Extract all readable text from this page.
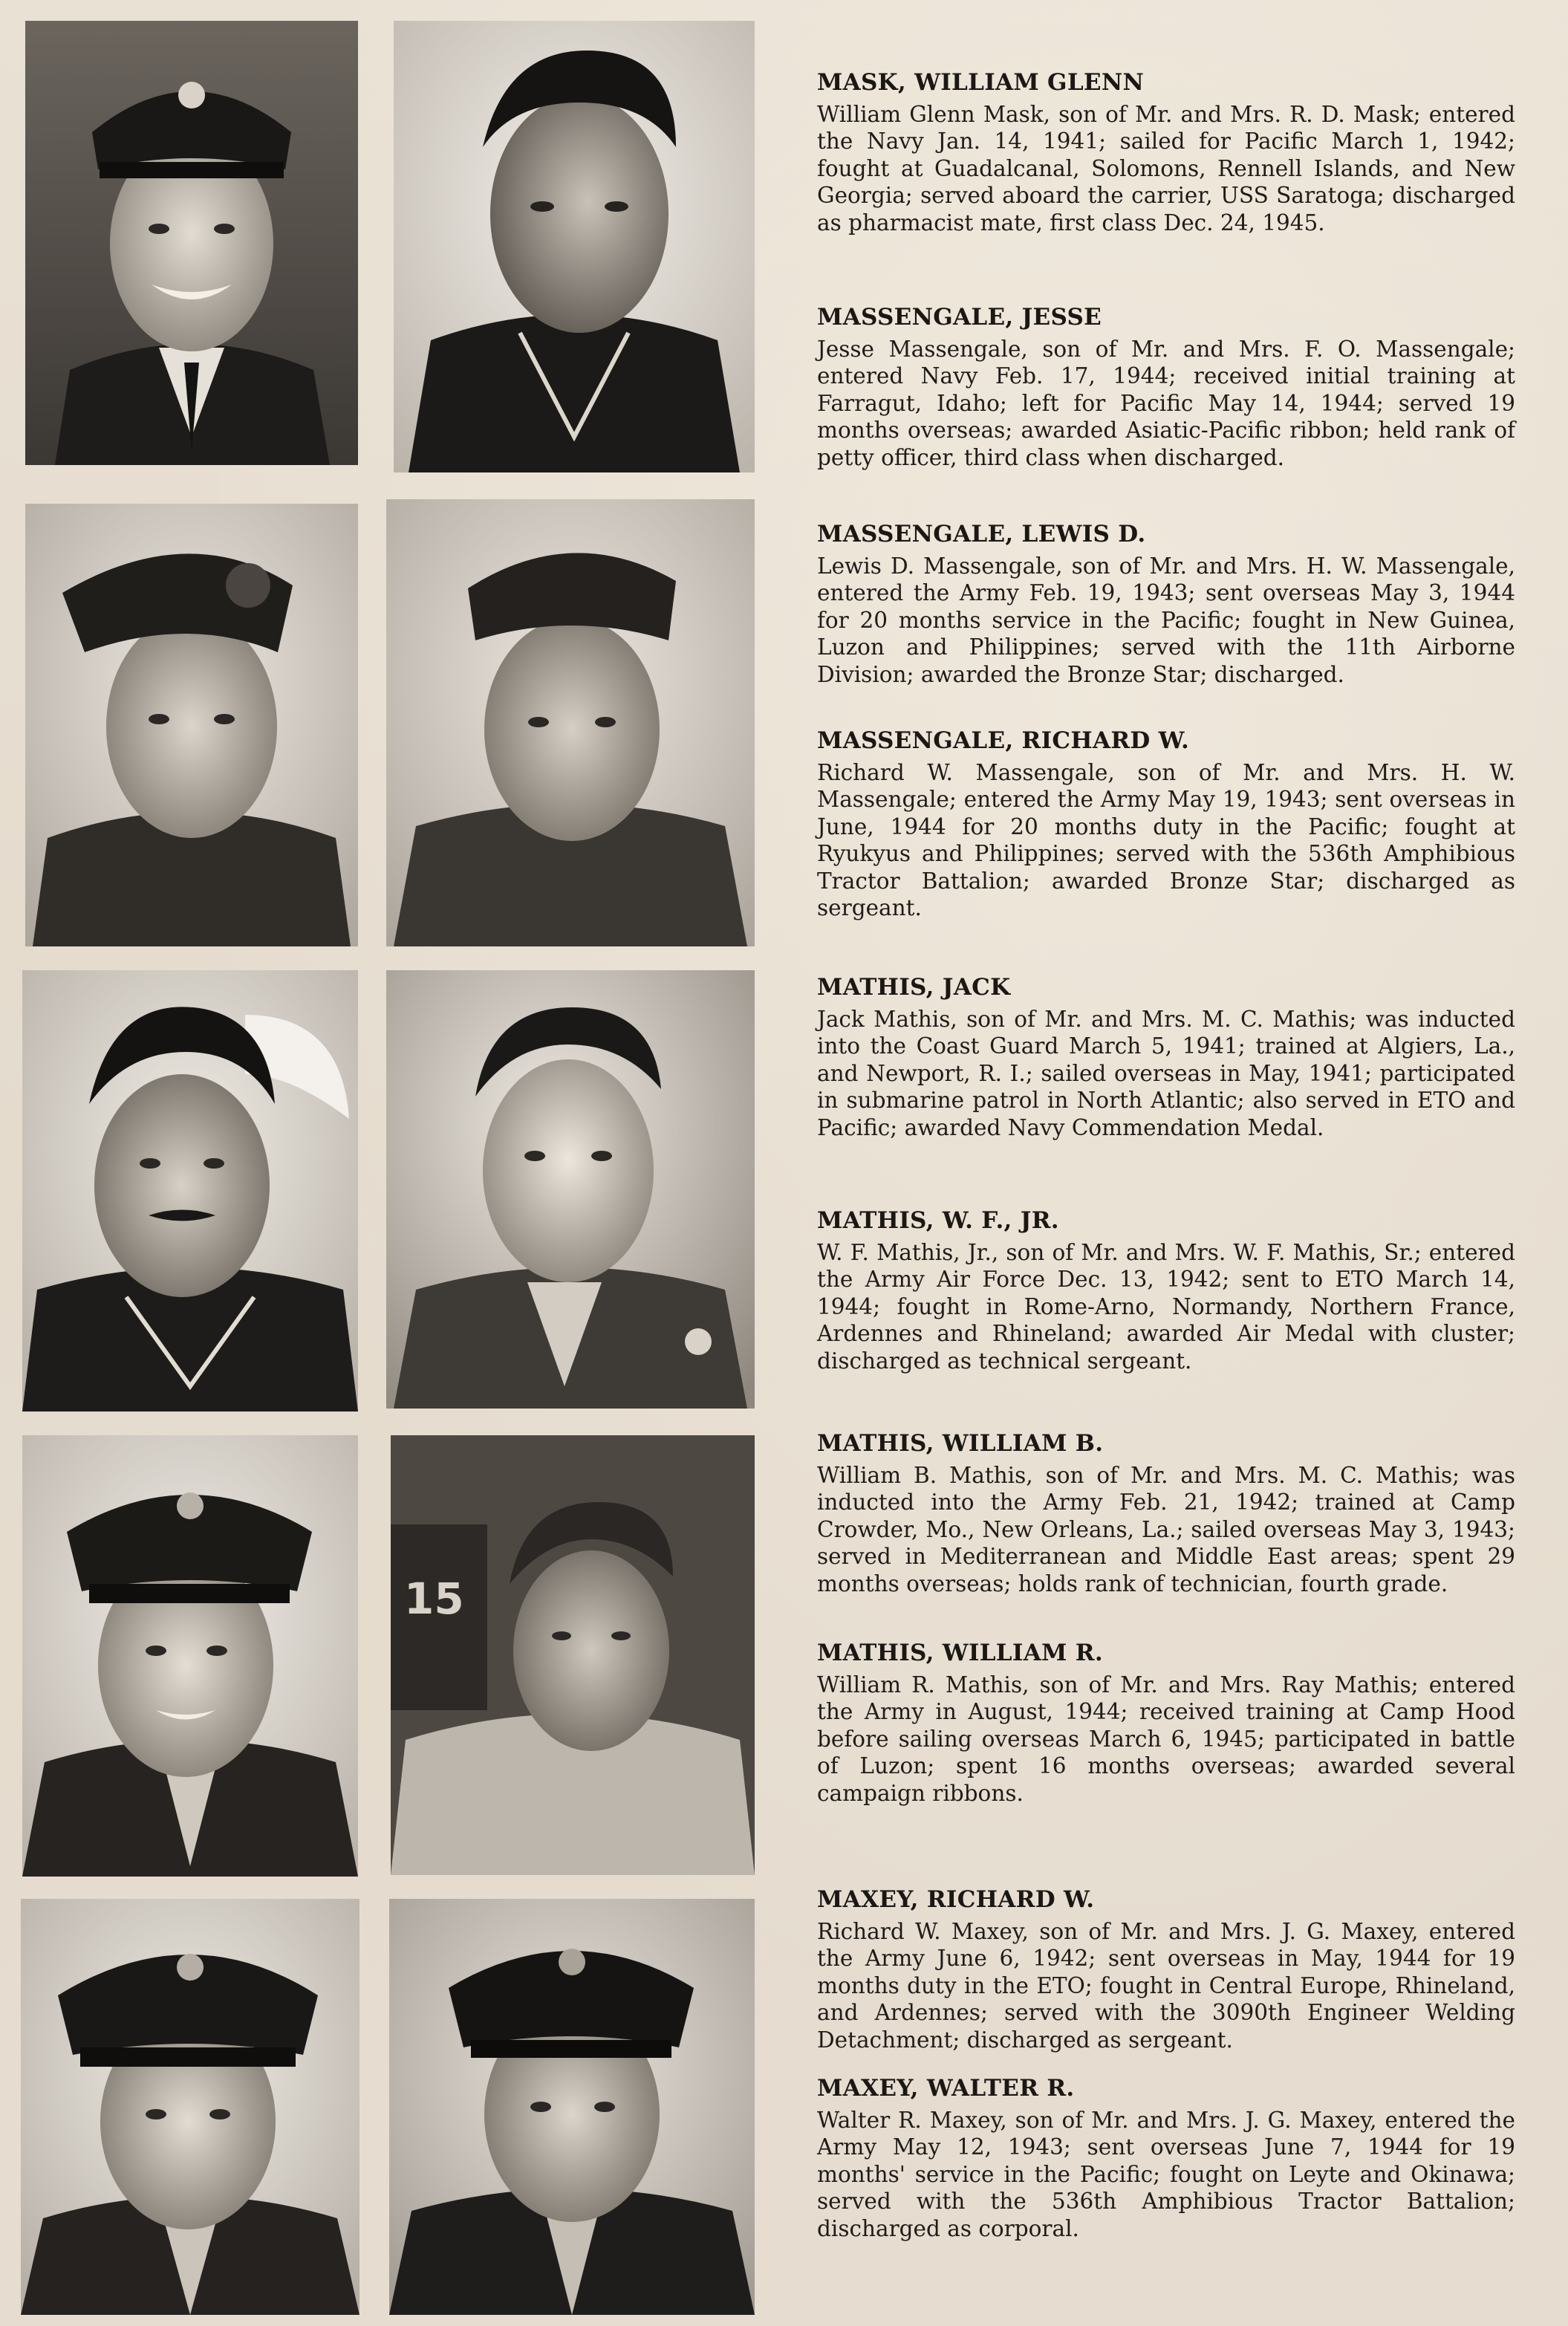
15
MASK, WILLIAM GLENN

William Glenn Mask, son of Mr. and Mrs. R. D. Mask; entered the Navy Jan. 14, 1941; sailed for Pacific March 1, 1942; fought at Guadalcanal, Solomons, Rennell Islands, and New Georgia; served aboard the carrier, USS Saratoga; discharged as pharmacist mate, first class Dec. 24, 1945.

MASSENGALE, JESSE

Jesse Massengale, son of Mr. and Mrs. F. O. Massengale; entered Navy Feb. 17, 1944; received initial training at Farragut, Idaho; left for Pacific May 14, 1944; served 19 months overseas; awarded Asiatic-Pacific ribbon; held rank of petty officer, third class when discharged.

MASSENGALE, LEWIS D.

Lewis D. Massengale, son of Mr. and Mrs. H. W. Massengale, entered the Army Feb. 19, 1943; sent overseas May 3, 1944 for 20 months service in the Pacific; fought in New Guinea, Luzon and Philippines; served with the 11th Airborne Division; awarded the Bronze Star; discharged.

MASSENGALE, RICHARD W.

Richard W. Massengale, son of Mr. and Mrs. H. W. Massengale; entered the Army May 19, 1943; sent overseas in June, 1944 for 20 months duty in the Pacific; fought at Ryukyus and Philippines; served with the 536th Amphibious Tractor Battalion; awarded Bronze Star; discharged as sergeant.

MATHIS, JACK

Jack Mathis, son of Mr. and Mrs. M. C. Mathis; was inducted into the Coast Guard March 5, 1941; trained at Algiers, La., and Newport, R. I.; sailed overseas in May, 1941; participated in submarine patrol in North Atlantic; also served in ETO and Pacific; awarded Navy Commendation Medal.

MATHIS, W. F., JR.

W. F. Mathis, Jr., son of Mr. and Mrs. W. F. Mathis, Sr.; entered the Army Air Force Dec. 13, 1942; sent to ETO March 14, 1944; fought in Rome-Arno, Normandy, Northern France, Ardennes and Rhineland; awarded Air Medal with cluster; discharged as technical sergeant.

MATHIS, WILLIAM B.

William B. Mathis, son of Mr. and Mrs. M. C. Mathis; was inducted into the Army Feb. 21, 1942; trained at Camp Crowder, Mo., New Orleans, La.; sailed overseas May 3, 1943; served in Mediterranean and Middle East areas; spent 29 months overseas; holds rank of technician, fourth grade.

MATHIS, WILLIAM R.

William R. Mathis, son of Mr. and Mrs. Ray Mathis; entered the Army in August, 1944; received training at Camp Hood before sailing overseas March 6, 1945; participated in battle of Luzon; spent 16 months overseas; awarded several campaign ribbons.

MAXEY, RICHARD W.

Richard W. Maxey, son of Mr. and Mrs. J. G. Maxey, entered the Army June 6, 1942; sent overseas in May, 1944 for 19 months duty in the ETO; fought in Central Europe, Rhineland, and Ardennes; served with the 3090th Engineer Welding Detachment; discharged as sergeant.

MAXEY, WALTER R.

Walter R. Maxey, son of Mr. and Mrs. J. G. Maxey, entered the Army May 12, 1943; sent overseas June 7, 1944 for 19 months' service in the Pacific; fought on Leyte and Okinawa; served with the 536th Amphibious Tractor Battalion; discharged as corporal.
